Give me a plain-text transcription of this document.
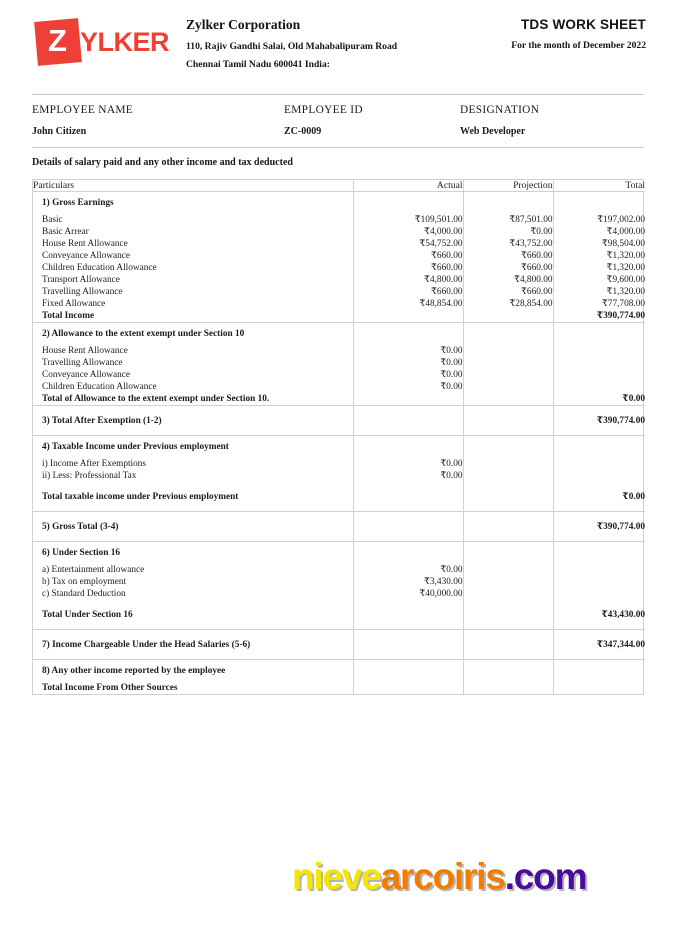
Z YLKER
Zylker Corporation
110, Rajiv Gandhi Salai, Old Mahabalipuram Road Chennai Tamil Nadu 600041 India:
TDS WORK SHEET
For the month of December 2022
EMPLOYEE NAME	EMPLOYEE ID	DESIGNATION
John Citizen	ZC-0009	Web Developer
Details of salary paid and any other income and tax deducted
Particulars	Actual	Projection	Total
1) Gross Earnings			
Basic	₹109,501.00	₹87,501.00	₹197,002.00
Basic Arrear	₹4,000.00	₹0.00	₹4,000.00
House Rent Allowance	₹54,752.00	₹43,752.00	₹98,504.00
Conveyance Allowance	₹660.00	₹660.00	₹1,320.00
Children Education Allowance	₹660.00	₹660.00	₹1,320.00
Transport Allowance	₹4,800.00	₹4,800.00	₹9,600.00
Travelling Allowance	₹660.00	₹660.00	₹1,320.00
Fixed Allowance	₹48,854.00	₹28,854.00	₹77,708.00
Total Income			₹390,774.00
2) Allowance to the extent exempt under Section 10			
House Rent Allowance	₹0.00		
Travelling Allowance	₹0.00		
Conveyance Allowance	₹0.00		
Children Education Allowance	₹0.00		
Total of Allowance to the extent exempt under Section 10.			₹0.00
3) Total After Exemption (1-2)			₹390,774.00
4) Taxable Income under Previous employment			
i) Income After Exemptions	₹0.00		
ii) Less: Professional Tax	₹0.00		
Total taxable income under Previous employment			₹0.00
5) Gross Total (3-4)			₹390,774.00
6) Under Section 16			
a) Entertainment allowance	₹0.00		
b) Tax on employment	₹3,430.00		
c) Standard Deduction	₹40,000.00		
Total Under Section 16			₹43,430.00
7) Income Chargeable Under the Head Salaries (5-6)			₹347,344.00
8) Any other income reported by the employee			
Total Income From Other Sources			
nievearcoiris.com
